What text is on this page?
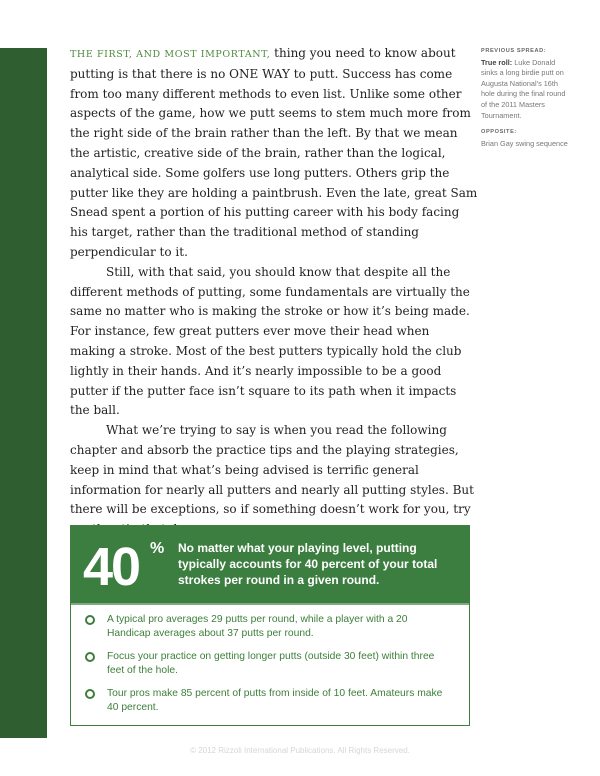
14

THE FIRST, AND MOST IMPORTANT, thing you need to know about putting is that there is no ONE WAY to putt. Success has come from too many different methods to even list. Unlike some other aspects of the game, how we putt seems to stem much more from the right side of the brain rather than the left. By that we mean the artistic, creative side of the brain, rather than the logical, analytical side. Some golfers use long putters. Others grip the putter like they are holding a paintbrush. Even the late, great Sam Snead spent a portion of his putting career with his body facing his target, rather than the traditional method of standing perpendicular to it.

Still, with that said, you should know that despite all the different methods of putting, some fundamentals are virtually the same no matter who is making the stroke or how it’s being made. For instance, few great putters ever move their head when making a stroke. Most of the best putters typically hold the club lightly in their hands. And it’s nearly impossible to be a good putter if the putter face isn’t square to its path when it impacts the ball.

What we’re trying to say is when you read the following chapter and absorb the practice tips and the playing strategies, keep in mind that what’s being advised is terrific general information for nearly all putters and nearly all putting styles. But there will be exceptions, so if something doesn’t work for you, try

PREVIOUS SPREAD:
True roll: Luke Donald sinks a long birdie putt on Augusta National’s 16th hole during the final round of the 2011 Masters Tournament.
OPPOSITE:
Brian Gay swing sequence
40 % No matter what your playing level, putting typically accounts for 40 percent of your total strokes per round in a given round.
A typical pro averages 29 putts per round, while a player with a 20 Handicap averages about 37 putts per round.
Focus your practice on getting longer putts (outside 30 feet) within three feet of the hole.
Tour pros make 85 percent of putts from inside of 10 feet. Amateurs make 40 percent.
© 2012 Rizzoli International Publications. All Rights Reserved.
